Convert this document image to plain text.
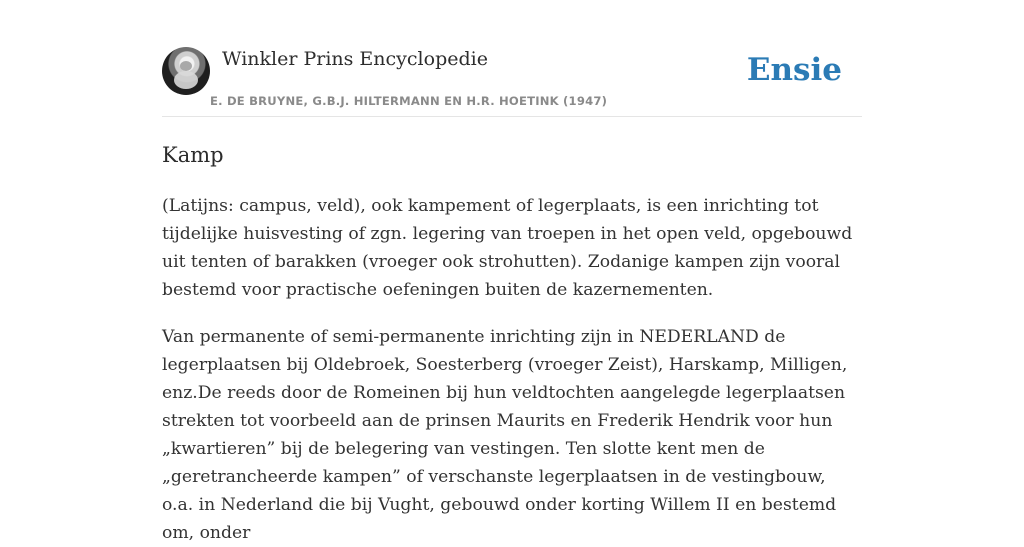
Winkler Prins Encyclopedie
E. DE BRUYNE, G.B.J. HILTERMANN EN H.R. HOETINK (1947)
Ensie
Kamp

(Latijns: campus, veld), ook kampement of legerplaats, is een inrichting tot tijdelijke huisvesting of zgn. legering van troepen in het open veld, opgebouwd uit tenten of barakken (vroeger ook strohutten). Zodanige kampen zijn vooral bestemd voor practische oefeningen buiten de kazernementen.

Van permanente of semi-permanente inrichting zijn in NEDERLAND de legerplaatsen bij Oldebroek, Soesterberg (vroeger Zeist), Harskamp, Milligen, enz.De reeds door de Romeinen bij hun veldtochten aangelegde legerplaatsen strekten tot voorbeeld aan de prinsen Maurits en Frederik Hendrik voor hun „kwartieren” bij de belegering van vestingen. Ten slotte kent men de „geretrancheerde kampen” of verschanste legerplaatsen in de vestingbouw, o.a. in Nederland die bij Vught, gebouwd onder korting Willem II en bestemd om, onder
